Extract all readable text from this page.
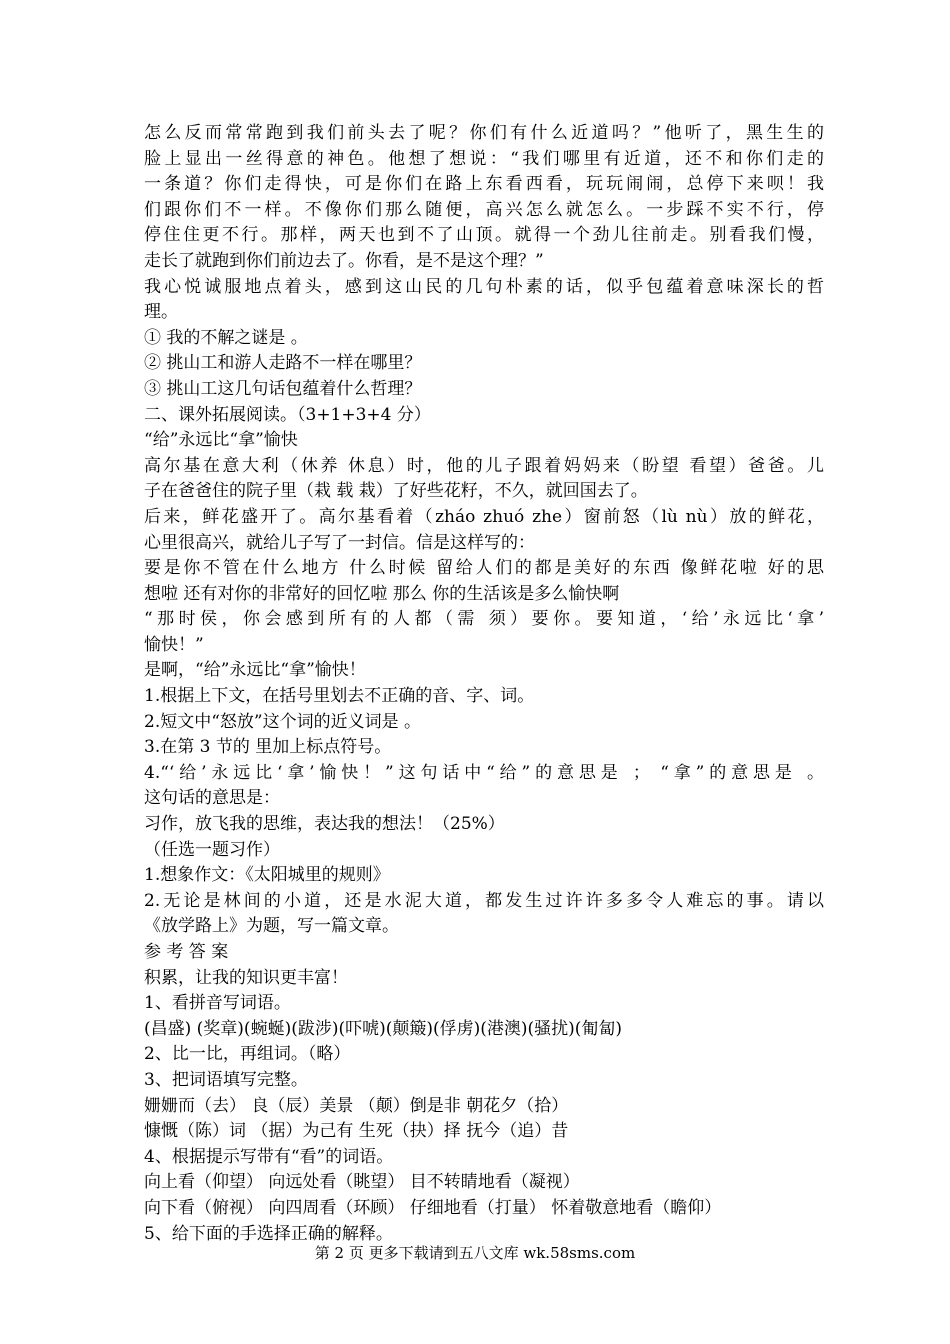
怎么反而常常跑到我们前头去了呢？你们有什么近道吗？”他听了，黑生生的
脸上显出一丝得意的神色。他想了想说：“我们哪里有近道，还不和你们走的
一条道？你们走得快，可是你们在路上东看西看，玩玩闹闹，总停下来呗！我
们跟你们不一样。不像你们那么随便，高兴怎么就怎么。一步踩不实不行，停
停住住更不行。那样，两天也到不了山顶。就得一个劲儿往前走。别看我们慢，
走长了就跑到你们前边去了。你看，是不是这个理？”
我心悦诚服地点着头，感到这山民的几句朴素的话，似乎包蕴着意味深长的哲
理。
① 我的不解之谜是 。
② 挑山工和游人走路不一样在哪里？
③ 挑山工这几句话包蕴着什么哲理？
二、课外拓展阅读。（3+1+3+4 分）
“给”永远比“拿”愉快
高尔基在意大利（休养 休息）时，他的儿子跟着妈妈来（盼望 看望）爸爸。儿
子在爸爸住的院子里（栽 载 栽）了好些花籽，不久，就回国去了。
后来，鲜花盛开了。高尔基看着（zháo zhuó zhe）窗前怒（lù nù）放的鲜花，
心里很高兴，就给儿子写了一封信。信是这样写的：
要是你不管在什么地方 什么时候 留给人们的都是美好的东西 像鲜花啦 好的思
想啦 还有对你的非常好的回忆啦 那么 你的生活该是多么愉快啊
“那时侯，你会感到所有的人都（需 须）要你。要知道，‘给’永远比‘拿’
愉快！”
是啊，“给”永远比“拿”愉快！
1.根据上下文，在括号里划去不正确的音、字、词。
2.短文中“怒放”这个词的近义词是 。
3.在第 3 节的 里加上标点符号。
4.“‘给’永远比‘拿’愉快！”这句话中“给”的意思是 ； “拿”的意思是 。
这句话的意思是：
习作，放飞我的思维，表达我的想法！（25%）
（任选一题习作）
1.想象作文：《太阳城里的规则》
2.无论是林间的小道，还是水泥大道，都发生过许许多多令人难忘的事。请以
《放学路上》为题，写一篇文章。
参 考 答 案
积累，让我的知识更丰富！
1、看拼音写词语。
(昌盛) (奖章)(蜿蜒)(跋涉)(吓唬)(颠簸)(俘虏)(港澳)(骚扰)(匍匐)
2、比一比，再组词。（略）
3、把词语填写完整。
姗姗而（去） 良（辰）美景 （颠）倒是非 朝花夕（拾）
慷慨（陈）词 （据）为己有 生死（抉）择 抚今（追）昔
4、根据提示写带有“看”的词语。
向上看（仰望） 向远处看（眺望） 目不转睛地看（凝视）
向下看（俯视） 向四周看（环顾） 仔细地看（打量） 怀着敬意地看（瞻仰）
5、给下面的手选择正确的解释。
第 2 页 更多下载请到五八文库 wk.58sms.com
